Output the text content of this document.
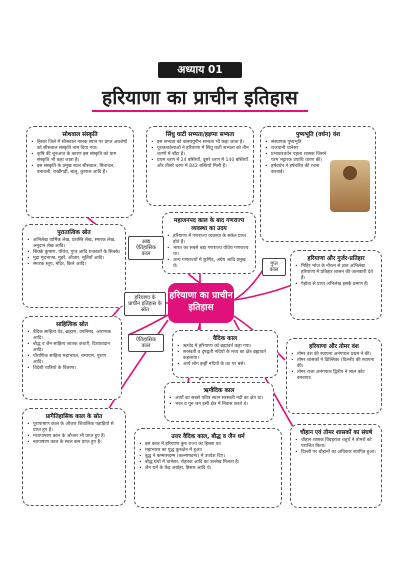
अध्याय 01
हरियाणा का प्राचीन इतिहास
सोथवाल संस्कृति
• हिसार जिले में सीसवाल नामक स्थान पर प्राप्त अवशेषों को सीसवाल संस्कृति नाम दिया गया।
• कृषि की शुरुआत के कारण इस संस्कृति को ग्राम संस्कृति भी कहा जाता है।
• इस संस्कृति के प्रमुख स्थल सीसवाल, मिताथल, बनावली, राखीगढ़ी, बालू, कुणाल आदि हैं।
सिंधु घाटी सभ्यता/हड़प्पा सभ्यता
• इस सभ्यता को कांस्ययुगीन सभ्यता भी कहा जाता है।
• पुरातत्ववेत्ताओं ने हरियाणा में सिंधु घाटी सभ्यता को तीन चरणों में बाँटा है।
• प्रथम चरण में 24 बस्तियाँ, दूसरे चरण में 140 बस्तियाँ और तीसरे चरण में 842 बस्तियों मिली हैं।
पुष्यभूति (वर्धन) वंश
• संस्थापक पुष्यभूति
• राजधानी थानेसर
• प्रभाकरवर्धन पहला शासक जिसने परम भट्टारक उपाधि धारण की।
• हर्षवर्धन ने हर्षचरित की रचना करवाई।
पुरातात्विक स्रोत
• अभिलेख धार्मिक लेख, प्रशस्ति लेख, स्मारक लेख, अनुदान लेख आदि।
• सिक्के कुषाण, यौधेय, गुप्त आदि राजवंशों के सिक्के।
• मुद्रा मृदभाण्ड, मुहरें, औजार, मूर्तियाँ आदि।
• स्मारक स्तूप, मंदिर, किले आदि।
महाजनपद काल के बाद गणराज्य व्यवस्था का उदय
• हरियाणा में गणराज्य व्यवस्था के संकेत प्राप्त होते हैं।
• भारत का सबसे बड़ा गणराज्य यौधेय गणराज्य था।
• अन्य गणराज्यों में कुणिंद, अग्रेय आदि प्रमुख थे।
हरियाणा और गुर्जर-प्रतिहार
• मिहिर भोज के नौरत्न से ज्ञात अभिलेख हरियाणा में प्रतिहार शासन की जानकारी देते हैं।
• पेहोवा से प्राप्त अभिलेख इसके प्रमाण हैं।
आद्य ऐतिहासिक काल
हरियाणा के प्राचीन इतिहास के स्रोत
ऐतिहासिक काल
गुप्त काल
हरियाणा का प्राचीन इतिहास
साहित्यिक स्रोत
• वैदिक साहित्य वेद, ब्राह्मण, उपनिषद, आरण्यक आदि।
• बौद्ध व जैन साहित्य जातक कथाएँ, दिव्यावदान आदि।
• पौराणिक साहित्य महाभारत, रामायण, पुराण आदि।
• विदेशी यात्रियों के विवरण।
वैदिक काल
• ऋग्वेद में हरियाणा को ब्रह्मावर्त कहा गया।
• सरस्वती व दृषद्वती नदियों के मध्य का क्षेत्र ब्रह्मावर्त कहलाया।
• आर्य लोग इन्हीं नदियों के तट पर बसे।
हरियाणा और तोमर वंश
• तोमर वंश की स्थापना अनंगपाल प्रथम ने की।
• तोमर शासकों ने ढिल्लिका (दिल्ली) की स्थापना की।
• तोमर राजा अनंगपाल द्वितीय ने लाल कोट बनवाया।
ऋग्वैदिक काल
• आर्यों का सबसे पवित्र स्थान सरस्वती नदी का क्षेत्र था।
• भरत व पुरु जन इसी क्षेत्र में निवास करते थे।
प्रागैतिहासिक काल के स्रोत
• पुरापाषाण काल के औजार शिवालिक पहाड़ियों से प्राप्त हुए हैं।
• मध्यपाषाण काल के औजार भी प्राप्त हुए हैं।
• नवपाषाण काल के स्थल कम प्राप्त हुए हैं।
उत्तर वैदिक काल, बौद्ध व जैन धर्म
• इस काल में हरियाणा कुरु राज्य का हिस्सा था।
• महाभारत का युद्ध कुरुक्षेत्र में हुआ।
• बुद्ध ने कम्मासदम्म (कल्माषदम्य) में उपदेश दिए।
• बौद्ध ग्रंथों में थानेसर, रोहतक आदि का उल्लेख मिलता है।
• जैन धर्म के केंद्र अग्रोहा, हिसार आदि थे।
चौहान एवं तोमर शासकों का संघर्ष
• चौहान शासक विग्रहराज चतुर्थ ने तोमरों को पराजित किया।
• दिल्ली पर चौहानों का अधिकार स्थापित हुआ।
